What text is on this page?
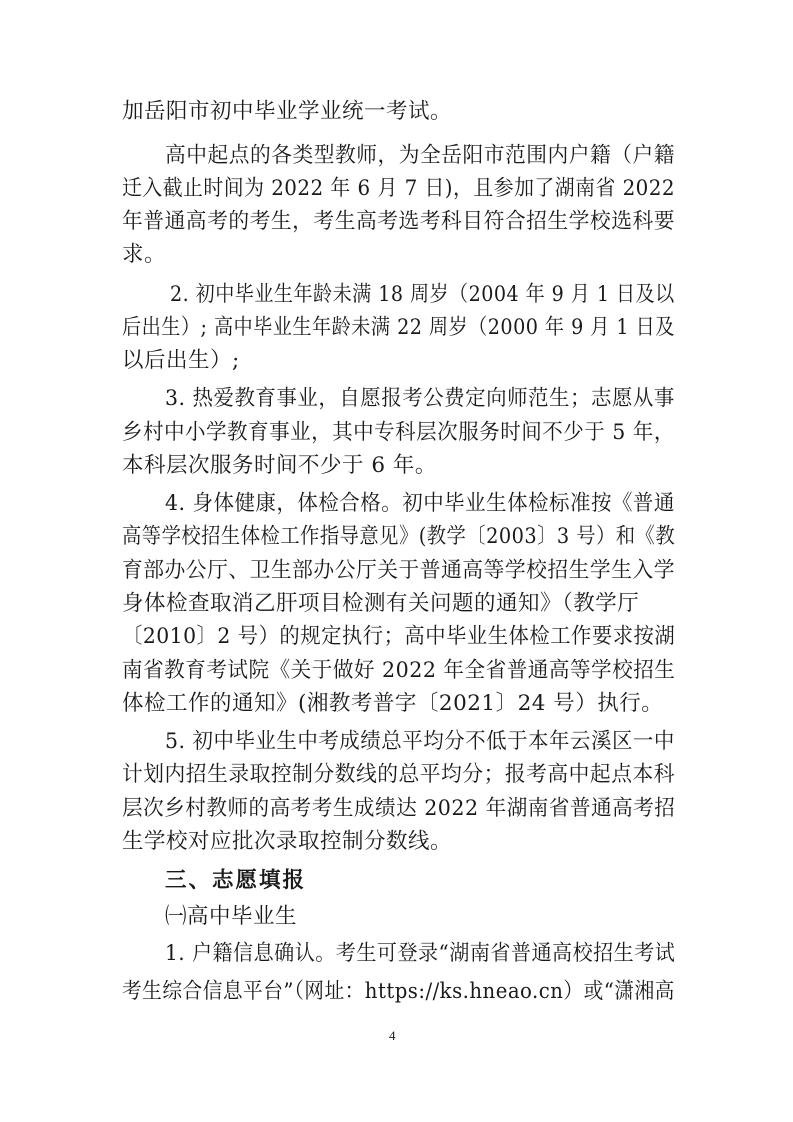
加岳阳市初中毕业学业统一考试。
高中起点的各类型教师，为全岳阳市范围内户籍（户籍
迁入截止时间为 2022 年 6 月 7 日)，且参加了湖南省 2022
年普通高考的考生，考生高考选考科目符合招生学校选科要
求。
2. 初中毕业生年龄未满 18 周岁（2004 年 9 月 1 日及以
后出生）; 高中毕业生年龄未满 22 周岁（2000 年 9 月 1 日及
以后出生）;
3. 热爱教育事业，自愿报考公费定向师范生；志愿从事
乡村中小学教育事业，其中专科层次服务时间不少于 5 年，
本科层次服务时间不少于 6 年。
4. 身体健康，体检合格。初中毕业生体检标准按《普通
高等学校招生体检工作指导意见》(教学〔2003〕3 号）和《教
育部办公厅、卫生部办公厅关于普通高等学校招生学生入学
身体检查取消乙肝项目检测有关问题的通知》（教学厅
〔2010〕2 号）的规定执行；高中毕业生体检工作要求按湖
南省教育考试院《关于做好 2022 年全省普通高等学校招生
体检工作的通知》(湘教考普字〔2021〕24 号）执行。
5. 初中毕业生中考成绩总平均分不低于本年云溪区一中
计划内招生录取控制分数线的总平均分；报考高中起点本科
层次乡村教师的高考考生成绩达 2022 年湖南省普通高考招
生学校对应批次录取控制分数线。
三、志愿填报
㈠高中毕业生
1. 户籍信息确认。考生可登录“湖南省普通高校招生考试
考生综合信息平台”（网址：https://ks.hneao.cn）或“潇湘高
4
